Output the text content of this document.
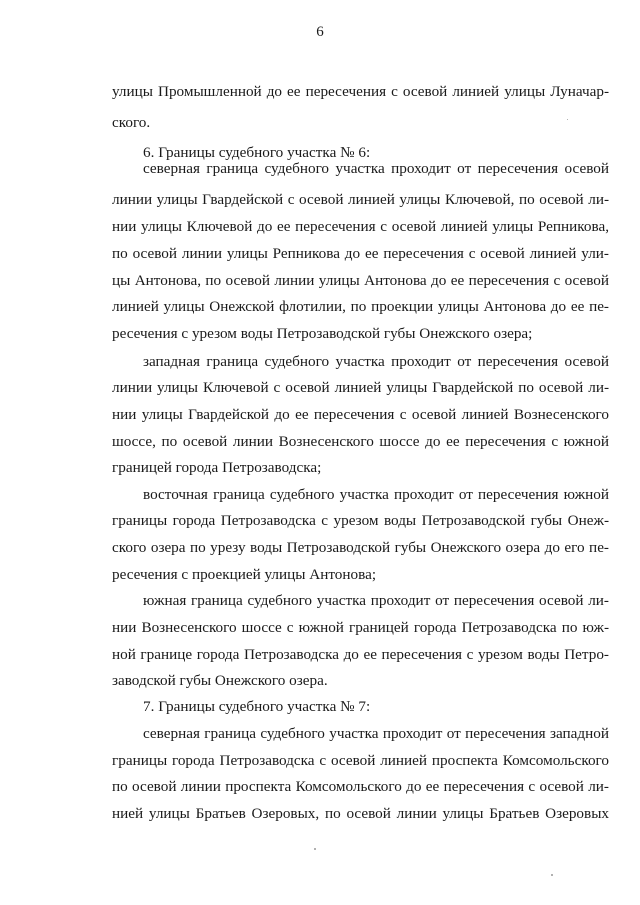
6
улицы Промышленной до ее пересечения с осевой линией улицы Луначар-
ского.
6. Границы судебного участка № 6:
северная граница судебного участка проходит от пересечения осевой
линии улицы Гвардейской с осевой линией улицы Ключевой, по осевой ли-
нии улицы Ключевой до ее пересечения с осевой линией улицы Репникова,
по осевой линии улицы Репникова до ее пересечения с осевой линией ули-
цы Антонова, по осевой линии улицы Антонова до ее пересечения с осевой
линией улицы Онежской флотилии, по проекции улицы Антонова до ее пе-
ресечения с урезом воды Петрозаводской губы Онежского озера;
западная граница судебного участка проходит от пересечения осевой
линии улицы Ключевой с осевой линией улицы Гвардейской по осевой ли-
нии улицы Гвардейской до ее пересечения с осевой линией Вознесенского
шоссе, по осевой линии Вознесенского шоссе до ее пересечения с южной
границей города Петрозаводска;
восточная граница судебного участка проходит от пересечения южной
границы города Петрозаводска с урезом воды Петрозаводской губы Онеж-
ского озера по урезу воды Петрозаводской губы Онежского озера до его пе-
ресечения с проекцией улицы Антонова;
южная граница судебного участка проходит от пересечения осевой ли-
нии Вознесенского шоссе с южной границей города Петрозаводска по юж-
ной границе города Петрозаводска до ее пересечения с урезом воды Петро-
заводской губы Онежского озера.
7. Границы судебного участка № 7:
северная граница судебного участка проходит от пересечения западной
границы города Петрозаводска с осевой линией проспекта Комсомольского
по осевой линии проспекта Комсомольского до ее пересечения с осевой ли-
нией улицы Братьев Озеровых, по осевой линии улицы Братьев Озеровых
